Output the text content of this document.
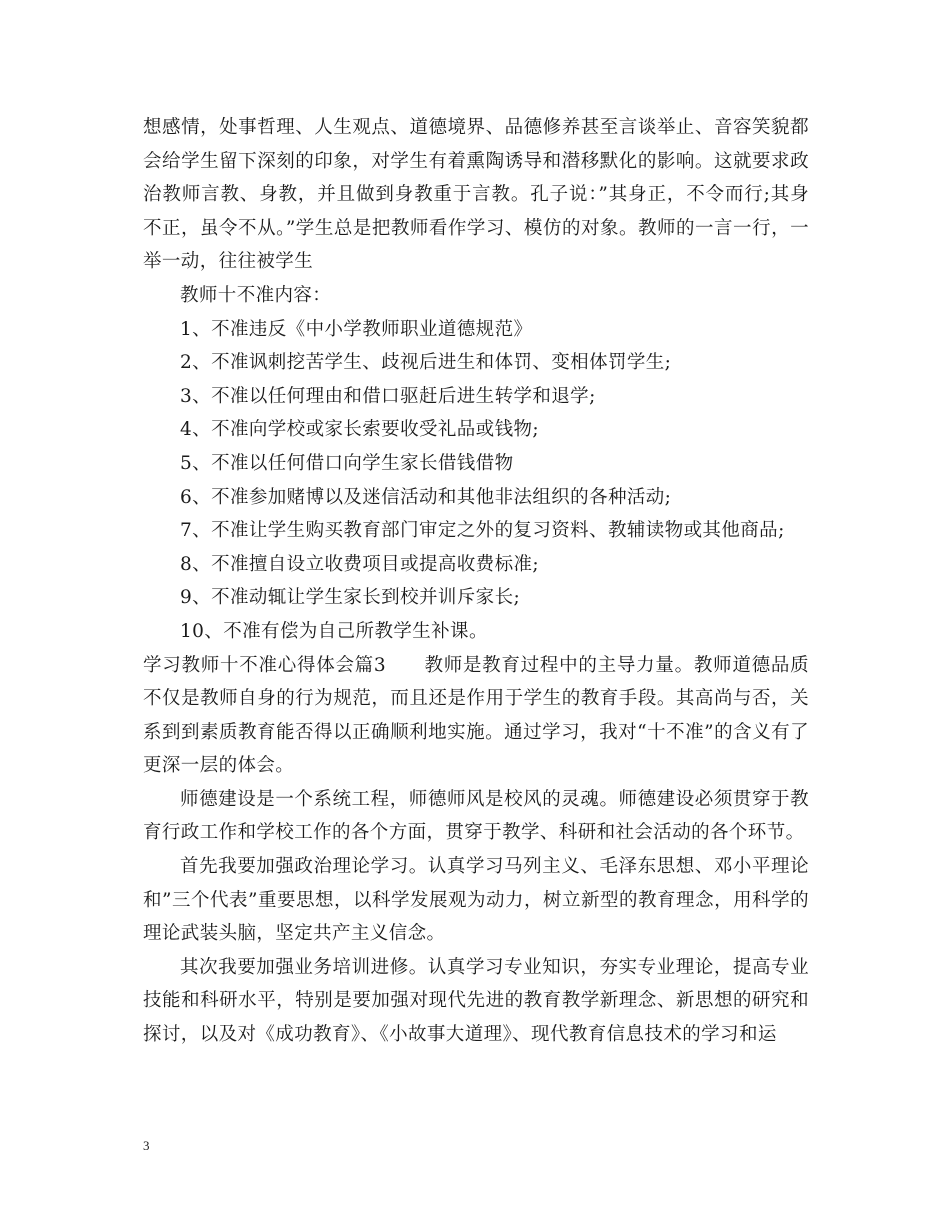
想感情，处事哲理、人生观点、道德境界、品德修养甚至言谈举止、音容笑貌都会给学生留下深刻的印象，对学生有着熏陶诱导和潜移默化的影响。这就要求政治教师言教、身教，并且做到身教重于言教。孔子说：”其身正，不令而行;其身不正，虽令不从。”学生总是把教师看作学习、模仿的对象。教师的一言一行，一举一动，往往被学生

教师十不准内容：

1、不准违反《中小学教师职业道德规范》

2、不准讽刺挖苦学生、歧视后进生和体罚、变相体罚学生;

3、不准以任何理由和借口驱赶后进生转学和退学;

4、不准向学校或家长索要收受礼品或钱物;

5、不准以任何借口向学生家长借钱借物

6、不准参加赌博以及迷信活动和其他非法组织的各种活动;

7、不准让学生购买教育部门审定之外的复习资料、教辅读物或其他商品;

8、不准擅自设立收费项目或提高收费标准;

9、不准动辄让学生家长到校并训斥家长;

10、不准有偿为自己所教学生补课。

学习教师十不准心得体会篇3 教师是教育过程中的主导力量。教师道德品质不仅是教师自身的行为规范，而且还是作用于学生的教育手段。其高尚与否，关系到到素质教育能否得以正确顺利地实施。通过学习，我对“十不准”的含义有了更深一层的体会。

师德建设是一个系统工程，师德师风是校风的灵魂。师德建设必须贯穿于教育行政工作和学校工作的各个方面，贯穿于教学、科研和社会活动的各个环节。

首先我要加强政治理论学习。认真学习马列主义、毛泽东思想、邓小平理论和”三个代表”重要思想，以科学发展观为动力，树立新型的教育理念，用科学的理论武装头脑，坚定共产主义信念。

其次我要加强业务培训进修。认真学习专业知识，夯实专业理论，提高专业技能和科研水平，特别是要加强对现代先进的教育教学新理念、新思想的研究和探讨，以及对《成功教育》、《小故事大道理》、现代教育信息技术的学习和运

3
